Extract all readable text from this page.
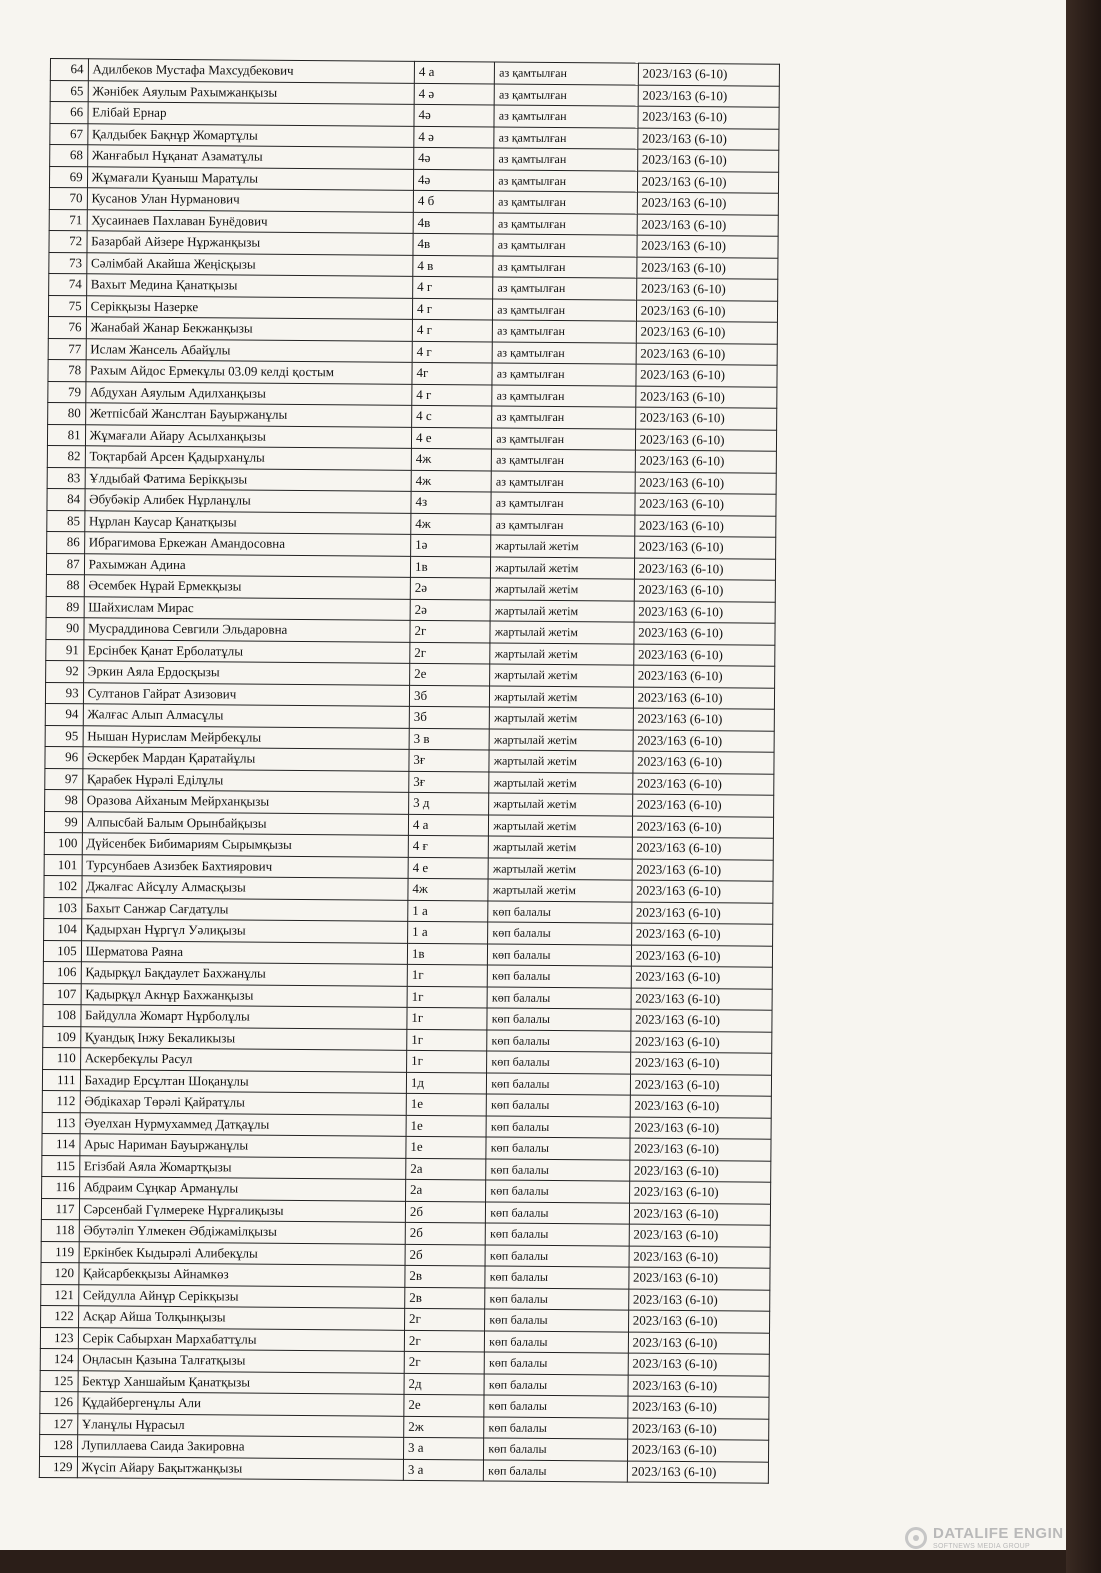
64	Адилбеков Мустафа Махсудбекович	4 а	аз қамтылған	2023/163 (6-10)
65	Жәнібек Аяулым Рахымжанқызы	4 ә	аз қамтылған	2023/163 (6-10)
66	Елібай Ернар	4ә	аз қамтылған	2023/163 (6-10)
67	Қалдыбек Бақнұр Жомартұлы	4 ә	аз қамтылған	2023/163 (6-10)
68	Жанғабыл Нұқанат Азаматұлы	4ә	аз қамтылған	2023/163 (6-10)
69	Жұмағали Қуаныш Маратұлы	4ә	аз қамтылған	2023/163 (6-10)
70	Кусанов Улан Нурманович	4 б	аз қамтылған	2023/163 (6-10)
71	Хусаинаев Пахлаван Бунёдович	4в	аз қамтылған	2023/163 (6-10)
72	Базарбай Айзере Нұржанқызы	4в	аз қамтылған	2023/163 (6-10)
73	Сәлімбай Акайша Жеңісқызы	4 в	аз қамтылған	2023/163 (6-10)
74	Вахыт Медина Қанатқызы	4 г	аз қамтылған	2023/163 (6-10)
75	Серікқызы Назерке	4 г	аз қамтылған	2023/163 (6-10)
76	Жанабай Жанар Бекжанқызы	4 г	аз қамтылған	2023/163 (6-10)
77	Ислам Жансель Абайұлы	4 г	аз қамтылған	2023/163 (6-10)
78	Рахым Айдос Ермекұлы 03.09 келді қостым	4г	аз қамтылған	2023/163 (6-10)
79	Абдухан Аяулым Адилханқызы	4 г	аз қамтылған	2023/163 (6-10)
80	Жетпісбай Жанслтан Бауыржанұлы	4 с	аз қамтылған	2023/163 (6-10)
81	Жұмағали Айару Асылханқызы	4 е	аз қамтылған	2023/163 (6-10)
82	Тоқтарбай Арсен Қадырханұлы	4ж	аз қамтылған	2023/163 (6-10)
83	Ұлдыбай Фатима Берікқызы	4ж	аз қамтылған	2023/163 (6-10)
84	Әбубәкір Алибек Нұрланұлы	4з	аз қамтылған	2023/163 (6-10)
85	Нұрлан Каусар Қанатқызы	4ж	аз қамтылған	2023/163 (6-10)
86	Ибрагимова Еркежан Амандосовна	1ә	жартылай жетім	2023/163 (6-10)
87	Рахымжан Адина	1в	жартылай жетім	2023/163 (6-10)
88	Әсембек Нұрай Ермекқызы	2ә	жартылай жетім	2023/163 (6-10)
89	Шайхислам Мирас	2ә	жартылай жетім	2023/163 (6-10)
90	Мусраддинова Севгили Эльдаровна	2г	жартылай жетім	2023/163 (6-10)
91	Ерсінбек Қанат Ерболатұлы	2г	жартылай жетім	2023/163 (6-10)
92	Эркин Аяла Ердосқызы	2е	жартылай жетім	2023/163 (6-10)
93	Султанов Гайрат Азизович	3б	жартылай жетім	2023/163 (6-10)
94	Жалғас Алып Алмасұлы	3б	жартылай жетім	2023/163 (6-10)
95	Нышан Нурислам Мейрбекұлы	3 в	жартылай жетім	2023/163 (6-10)
96	Әскербек Мардан Қаратайұлы	3ғ	жартылай жетім	2023/163 (6-10)
97	Қарабек Нұрәлі Еділұлы	3ғ	жартылай жетім	2023/163 (6-10)
98	Оразова Айханым Мейрханқызы	3 д	жартылай жетім	2023/163 (6-10)
99	Алпысбай Балым Орынбайқызы	4 а	жартылай жетім	2023/163 (6-10)
100	Дүйсенбек Бибимариям Сырымқызы	4 ғ	жартылай жетім	2023/163 (6-10)
101	Турсунбаев Азизбек Бахтиярович	4 е	жартылай жетім	2023/163 (6-10)
102	Джалғас Айсұлу Алмасқызы	4ж	жартылай жетім	2023/163 (6-10)
103	Бахыт Санжар Сағдатұлы	1 а	көп балалы	2023/163 (6-10)
104	Қадырхан Нұргүл Уәлиқызы	1 а	көп балалы	2023/163 (6-10)
105	Шерматова Раяна	1в	көп балалы	2023/163 (6-10)
106	Қадырқұл Бақдаулет Бахжанұлы	1г	көп балалы	2023/163 (6-10)
107	Қадырқұл Акнұр Бахжанқызы	1г	көп балалы	2023/163 (6-10)
108	Байдулла Жомарт Нұрболұлы	1г	көп балалы	2023/163 (6-10)
109	Қуандық Інжу Бекаликызы	1г	көп балалы	2023/163 (6-10)
110	Аскербекұлы Расул	1г	көп балалы	2023/163 (6-10)
111	Бахадир Ерсұлтан Шоқанұлы	1д	көп балалы	2023/163 (6-10)
112	Әбдікахар Төрәлі Қайратұлы	1е	көп балалы	2023/163 (6-10)
113	Әуелхан Нурмухаммед Датқаұлы	1е	көп балалы	2023/163 (6-10)
114	Арыс Нариман Бауыржанұлы	1е	көп балалы	2023/163 (6-10)
115	Егізбай Аяла Жомартқызы	2а	көп балалы	2023/163 (6-10)
116	Абдраим Сұңкар Арманұлы	2а	көп балалы	2023/163 (6-10)
117	Сәрсенбай Гүлмереке Нұрғалиқызы	2б	көп балалы	2023/163 (6-10)
118	Әбутәліп Үлмекен Әбдіжамілқызы	2б	көп балалы	2023/163 (6-10)
119	Еркінбек Кыдырәлі Алибекұлы	2б	көп балалы	2023/163 (6-10)
120	Қайсарбекқызы Айнамкөз	2в	көп балалы	2023/163 (6-10)
121	Сейдулла Айнұр Серікқызы	2в	көп балалы	2023/163 (6-10)
122	Асқар Айша Толқынқызы	2г	көп балалы	2023/163 (6-10)
123	Серік Сабырхан Мархабаттұлы	2г	көп балалы	2023/163 (6-10)
124	Оңласын Қазына Талғатқызы	2г	көп балалы	2023/163 (6-10)
125	Бектұр Ханшайым Қанатқызы	2д	көп балалы	2023/163 (6-10)
126	Құдайбергенұлы Али	2е	көп балалы	2023/163 (6-10)
127	Ұланұлы Нұрасыл	2ж	көп балалы	2023/163 (6-10)
128	Лупиллаева Саида Закировна	3 а	көп балалы	2023/163 (6-10)
129	Жүсіп Айару Бақытжанқызы	3 а	көп балалы	2023/163 (6-10)
DATALIFE ENGIN
SOFTNEWS MEDIA GROUP
